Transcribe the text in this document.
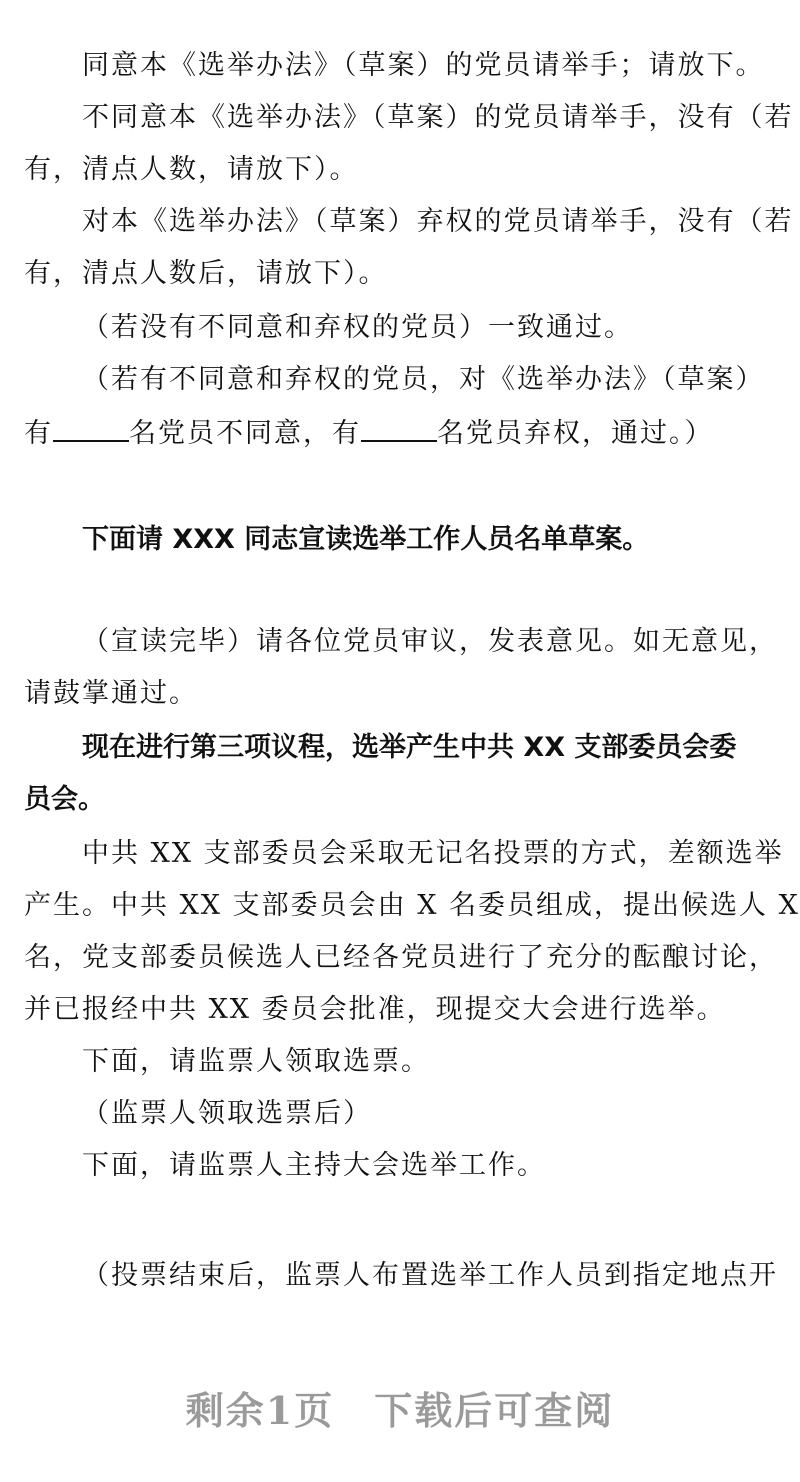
同意本《选举办法》（草案）的党员请举手；请放下。
不同意本《选举办法》（草案）的党员请举手，没有（若
有，清点人数，请放下）。
对本《选举办法》（草案）弃权的党员请举手，没有（若
有，清点人数后，请放下）。
（若没有不同意和弃权的党员）一致通过。
（若有不同意和弃权的党员，对《选举办法》（草案）
有	名党员不同意，有	名党员弃权，通过。）
下面请 XXX 同志宣读选举工作人员名单草案。
（宣读完毕）请各位党员审议，发表意见。如无意见，
请鼓掌通过。
现在进行第三项议程，选举产生中共 XX 支部委员会委
员会。
中共 XX 支部委员会采取无记名投票的方式，差额选举
产生。中共 XX 支部委员会由 X 名委员组成，提出候选人 X
名，党支部委员候选人已经各党员进行了充分的酝酿讨论，
并已报经中共 XX 委员会批准，现提交大会进行选举。
下面，请监票人领取选票。
（监票人领取选票后）
下面，请监票人主持大会选举工作。
（投票结束后，监票人布置选举工作人员到指定地点开
剩余1页 下载后可查阅
